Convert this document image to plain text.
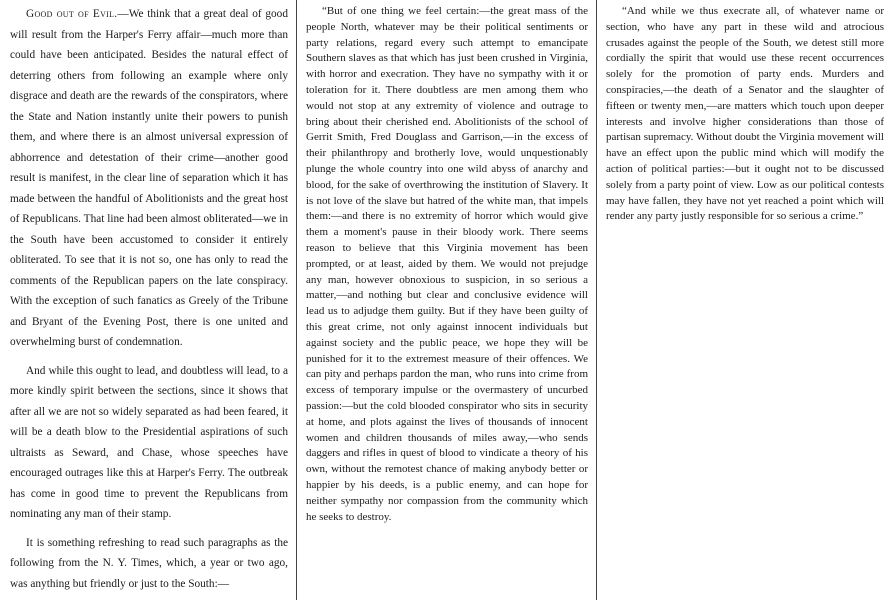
Good out of Evil.—We think that a great deal of good will result from the Harper's Ferry affair—much more than could have been anticipated. Besides the natural effect of deterring others from following an example where only disgrace and death are the rewards of the conspirators, where the State and Nation instantly unite their powers to punish them, and where there is an almost universal expression of abhorrence and detestation of their crime—another good result is manifest, in the clear line of separation which it has made between the handful of Abolitionists and the great host of Republicans. That line had been almost obliterated—we in the South have been accustomed to consider it entirely obliterated. To see that it is not so, one has only to read the comments of the Republican papers on the late conspiracy. With the exception of such fanatics as Greely of the Tribune and Bryant of the Evening Post, there is one united and overwhelming burst of condemnation.

And while this ought to lead, and doubtless will lead, to a more kindly spirit between the sections, since it shows that after all we are not so widely separated as had been feared, it will be a death blow to the Presidential aspirations of such ultraists as Seward, and Chase, whose speeches have encouraged outrages like this at Harper's Ferry. The outbreak has come in good time to prevent the Republicans from nominating any man of their stamp.

It is something refreshing to read such paragraphs as the following from the N. Y. Times, which, a year or two ago, was anything but friendly or just to the South:—

“But of one thing we feel certain:—the great mass of the people North, whatever may be their political sentiments or party relations, regard every such attempt to emancipate Southern slaves as that which has just been crushed in Virginia, with horror and execration. They have no sympathy with it or toleration for it. There doubtless are men among them who would not stop at any extremity of violence and outrage to bring about their cherished end. Abolitionists of the school of Gerrit Smith, Fred Douglass and Garrison,—in the excess of their philanthropy and brotherly love, would unquestionably plunge the whole country into one wild abyss of anarchy and blood, for the sake of overthrowing the institution of Slavery. It is not love of the slave but hatred of the white man, that impels them:—and there is no extremity of horror which would give them a moment's pause in their bloody work. There seems reason to believe that this Virginia movement has been prompted, or at least, aided by them. We would not prejudge any man, however obnoxious to suspicion, in so serious a matter,—and nothing but clear and conclusive evidence will lead us to adjudge them guilty. But if they have been guilty of this great crime, not only against innocent individuals but against society and the public peace, we hope they will be punished for it to the extremest measure of their offences. We can pity and perhaps pardon the man, who runs into crime from excess of temporary impulse or the overmastery of uncurbed passion:—but the cold blooded conspirator who sits in security at home, and plots against the lives of thousands of innocent women and children thousands of miles away,—who sends daggers and rifles in quest of blood to vindicate a theory of his own, without the remotest chance of making anybody better or happier by his deeds, is a public enemy, and can hope for neither sympathy nor compassion from the community which he seeks to destroy.

“And while we thus execrate all, of whatever name or section, who have any part in these wild and atrocious crusades against the people of the South, we detest still more cordially the spirit that would use these recent occurrences solely for the promotion of party ends. Murders and conspiracies,—the death of a Senator and the slaughter of fifteen or twenty men,—are matters which touch upon deeper interests and involve higher considerations than those of partisan supremacy. Without doubt the Virginia movement will have an effect upon the public mind which will modify the action of political parties:—but it ought not to be discussed solely from a party point of view. Low as our political contests may have fallen, they have not yet reached a point which will render any party justly responsible for so serious a crime.”
